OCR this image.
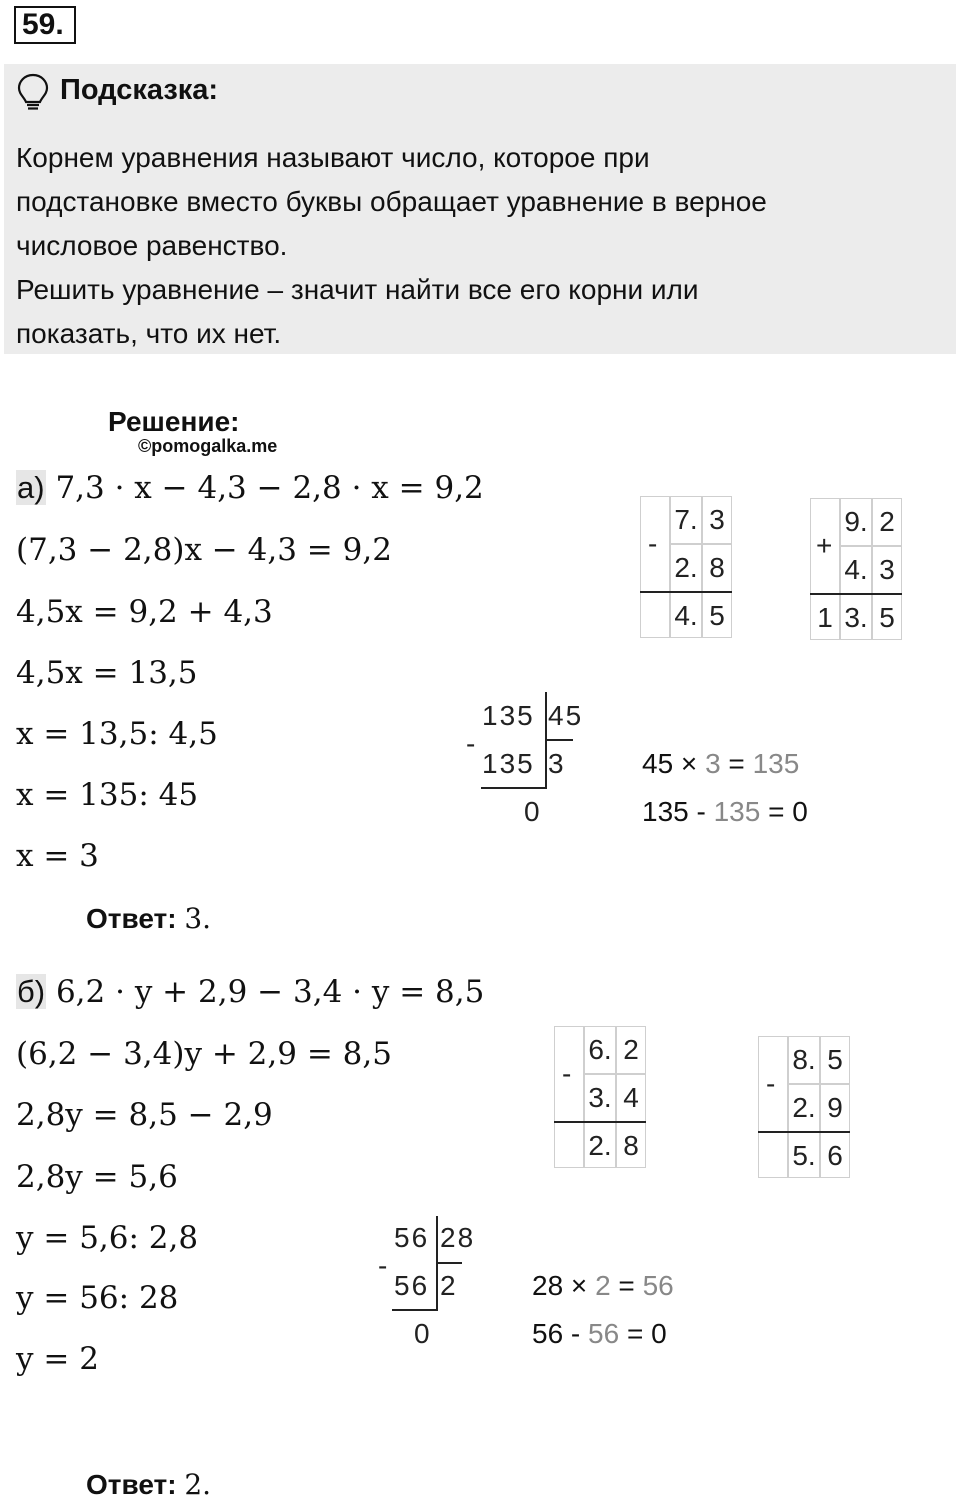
59.
Подсказка:
Корнем уравнения называют число, которое при
подстановке вместо буквы обращает уравнение в верное
числовое равенство.
Решить уравнение – значит найти все его корни или
показать, что их нет.
Решение:
©pomogalka.me
а) 7,3 · x − 4,3 − 2,8 · x = 9,2
(7,3 − 2,8)x − 4,3 = 9,2
4,5x = 9,2 + 4,3
4,5x = 13,5
x = 13,5: 4,5
x = 135: 45
x = 3
Ответ: 3.
-
7. 3
2. 8
4. 5
+
9. 2
4. 3
1 3. 5
135 45
-
135 3
0
45 × 3 = 135
135 - 135 = 0
б) 6,2 · y + 2,9 − 3,4 · y = 8,5
(6,2 − 3,4)y + 2,9 = 8,5
2,8y = 8,5 − 2,9
2,8y = 5,6
y = 5,6: 2,8
y = 56: 28
y = 2
Ответ: 2.
-
6. 2
3. 4
2. 8
-
8. 5
2. 9
5. 6
56 28
-
56 2
0
28 × 2 = 56
56 - 56 = 0
